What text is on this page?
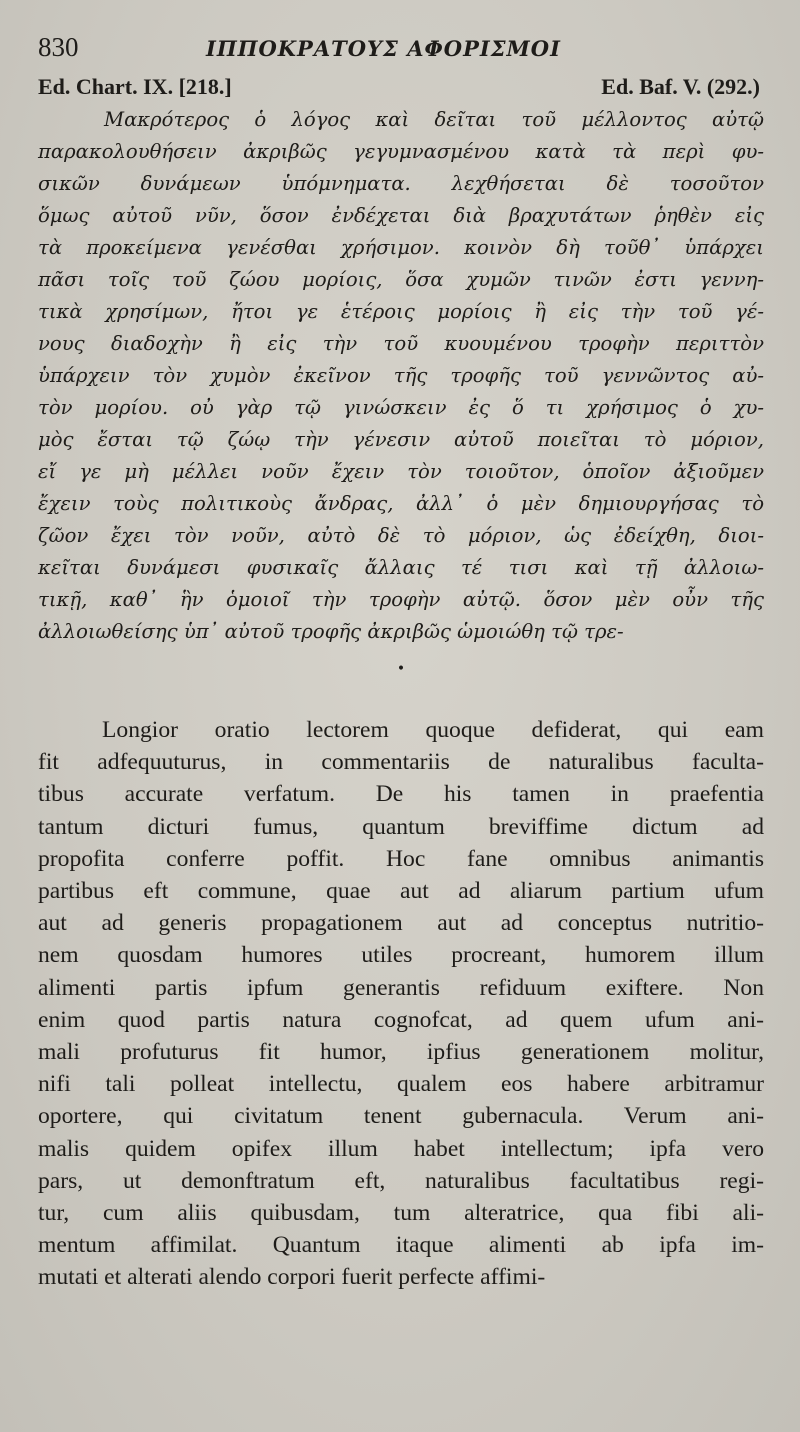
830	ΙΠΠΟΚΡΑΤΟΥΣ ΑΦΟΡΙΣΜΟΙ
Ed. Chart. IX. [218.]	Ed. Baf. V. (292.)
Μακρότερος ὁ λόγος καὶ δεῖται τοῦ μέλλοντος αὐτῷ
παρακολουθήσειν ἀκριβῶς γεγυμνασμένου κατὰ τὰ περὶ φυ-
σικῶν δυνάμεων ὑπόμνηματα. λεχθήσεται δὲ τοσοῦτον
ὅμως αὐτοῦ νῦν, ὅσον ἐνδέχεται διὰ βραχυτάτων ῥηθὲν εἰς
τὰ προκείμενα γενέσθαι χρήσιμον. κοινὸν δὴ τοῦθ᾽ ὑπάρχει
πᾶσι τοῖς τοῦ ζώου μορίοις, ὅσα χυμῶν τινῶν ἐστι γεννη-
τικὰ χρησίμων, ἤτοι γε ἑτέροις μορίοις ἢ εἰς τὴν τοῦ γέ-
νους διαδοχὴν ἢ εἰς τὴν τοῦ κυουμένου τροφὴν περιττὸν
ὑπάρχειν τὸν χυμὸν ἐκεῖνον τῆς τροφῆς τοῦ γεννῶντος αὐ-
τὸν μορίου. οὐ γὰρ τῷ γινώσκειν ἐς ὅ τι χρήσιμος ὁ χυ-
μὸς ἔσται τῷ ζώῳ τὴν γένεσιν αὐτοῦ ποιεῖται τὸ μόριον,
εἴ γε μὴ μέλλει νοῦν ἔχειν τὸν τοιοῦτον, ὁποῖον ἀξιοῦμεν
ἔχειν τοὺς πολιτικοὺς ἄνδρας, ἀλλ᾽ ὁ μὲν δημιουργήσας τὸ
ζῶον ἔχει τὸν νοῦν, αὐτὸ δὲ τὸ μόριον, ὡς ἐδείχθη, διοι-
κεῖται δυνάμεσι φυσικαῖς ἄλλαις τέ τισι καὶ τῇ ἀλλοιω-
τικῇ, καθ᾽ ἣν ὁμοιοῖ τὴν τροφὴν αὐτῷ. ὅσον μὲν οὖν τῆς
ἀλλοιωθείσης ὑπ᾽ αὐτοῦ τροφῆς ἀκριβῶς ὡμοιώθη τῷ τρε-
•
Longior oratio lectorem quoque defiderat, qui eam
fit adfequuturus, in commentariis de naturalibus faculta-
tibus accurate verfatum. De his tamen in praefentia
tantum dicturi fumus, quantum breviffime dictum ad
propofita conferre poffit. Hoc fane omnibus animantis
partibus eft commune, quae aut ad aliarum partium ufum
aut ad generis propagationem aut ad conceptus nutritio-
nem quosdam humores utiles procreant, humorem illum
alimenti partis ipfum generantis refiduum exiftere. Non
enim quod partis natura cognofcat, ad quem ufum ani-
mali profuturus fit humor, ipfius generationem molitur,
nifi tali polleat intellectu, qualem eos habere arbitramur
oportere, qui civitatum tenent gubernacula. Verum ani-
malis quidem opifex illum habet intellectum; ipfa vero
pars, ut demonftratum eft, naturalibus facultatibus regi-
tur, cum aliis quibusdam, tum alteratrice, qua fibi ali-
mentum affimilat. Quantum itaque alimenti ab ipfa im-
mutati et alterati alendo corpori fuerit perfecte affimi-
